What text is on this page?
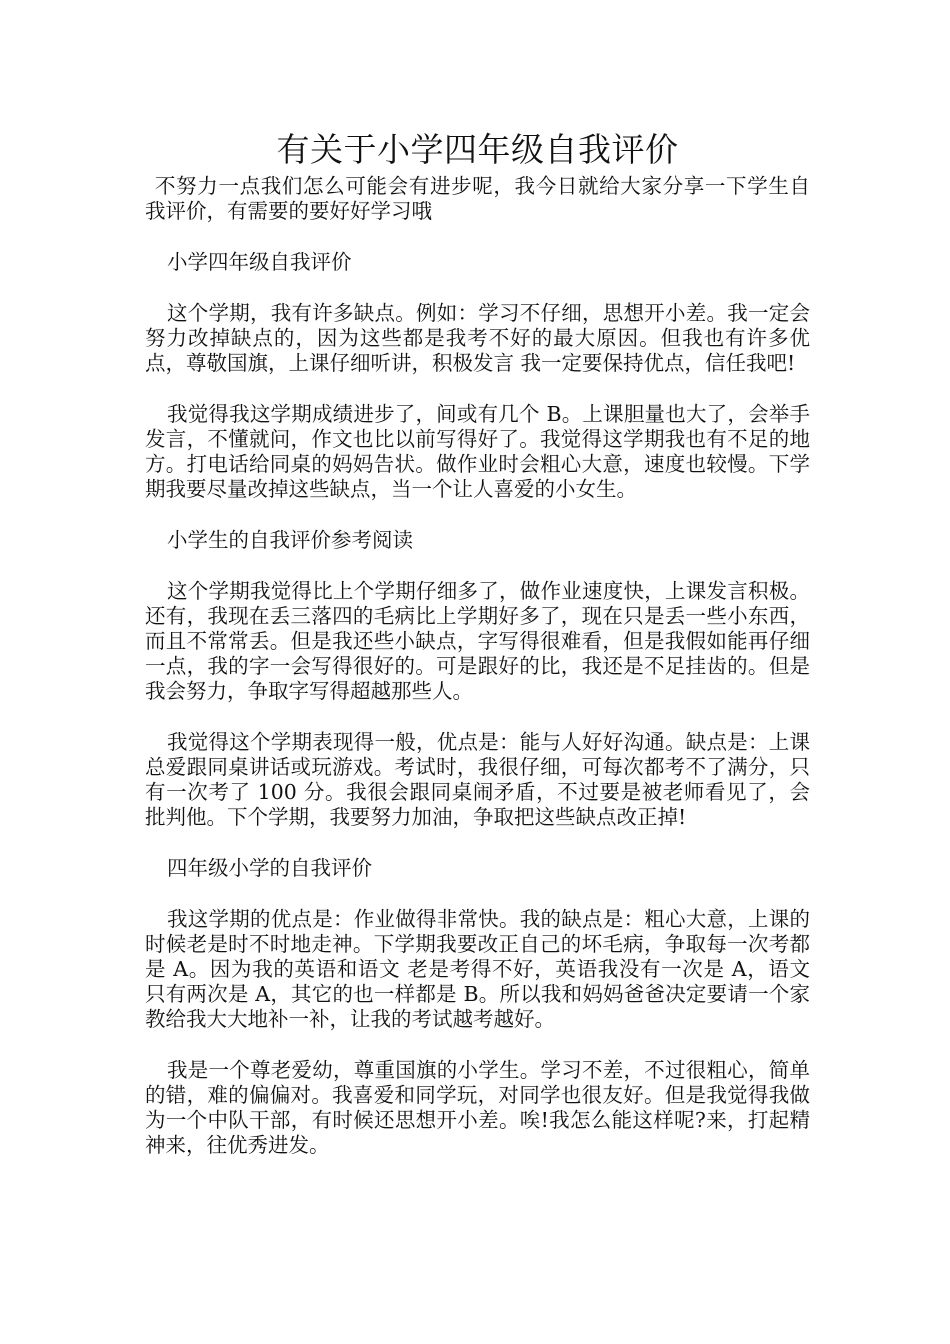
有关于小学四年级自我评价

不努力一点我们怎么可能会有进步呢，我今日就给大家分享一下学生自我评价，有需要的要好好学习哦

小学四年级自我评价

这个学期，我有许多缺点。例如：学习不仔细，思想开小差。我一定会努力改掉缺点的，因为这些都是我考不好的最大原因。但我也有许多优点，尊敬国旗，上课仔细听讲，积极发言 我一定要保持优点，信任我吧!

我觉得我这学期成绩进步了，间或有几个 B。上课胆量也大了，会举手发言，不懂就问，作文也比以前写得好了。我觉得这学期我也有不足的地方。打电话给同桌的妈妈告状。做作业时会粗心大意，速度也较慢。下学期我要尽量改掉这些缺点，当一个让人喜爱的小女生。

小学生的自我评价参考阅读

这个学期我觉得比上个学期仔细多了，做作业速度快，上课发言积极。还有，我现在丢三落四的毛病比上学期好多了，现在只是丢一些小东西，而且不常常丢。但是我还些小缺点，字写得很难看，但是我假如能再仔细一点，我的字一会写得很好的。可是跟好的比，我还是不足挂齿的。但是我会努力，争取字写得超越那些人。

我觉得这个学期表现得一般，优点是：能与人好好沟通。缺点是：上课总爱跟同桌讲话或玩游戏。考试时，我很仔细，可每次都考不了满分，只有一次考了 100 分。我很会跟同桌闹矛盾，不过要是被老师看见了，会批判他。下个学期，我要努力加油，争取把这些缺点改正掉!

四年级小学的自我评价

我这学期的优点是：作业做得非常快。我的缺点是：粗心大意，上课的时候老是时不时地走神。下学期我要改正自己的坏毛病，争取每一次考都是 A。因为我的英语和语文 老是考得不好，英语我没有一次是 A，语文 只有两次是 A，其它的也一样都是 B。所以我和妈妈爸爸决定要请一个家教给我大大地补一补，让我的考试越考越好。

我是一个尊老爱幼，尊重国旗的小学生。学习不差，不过很粗心，简单的错，难的偏偏对。我喜爱和同学玩，对同学也很友好。但是我觉得我做为一个中队干部，有时候还思想开小差。唉!我怎么能这样呢?来，打起精神来，往优秀进发。
